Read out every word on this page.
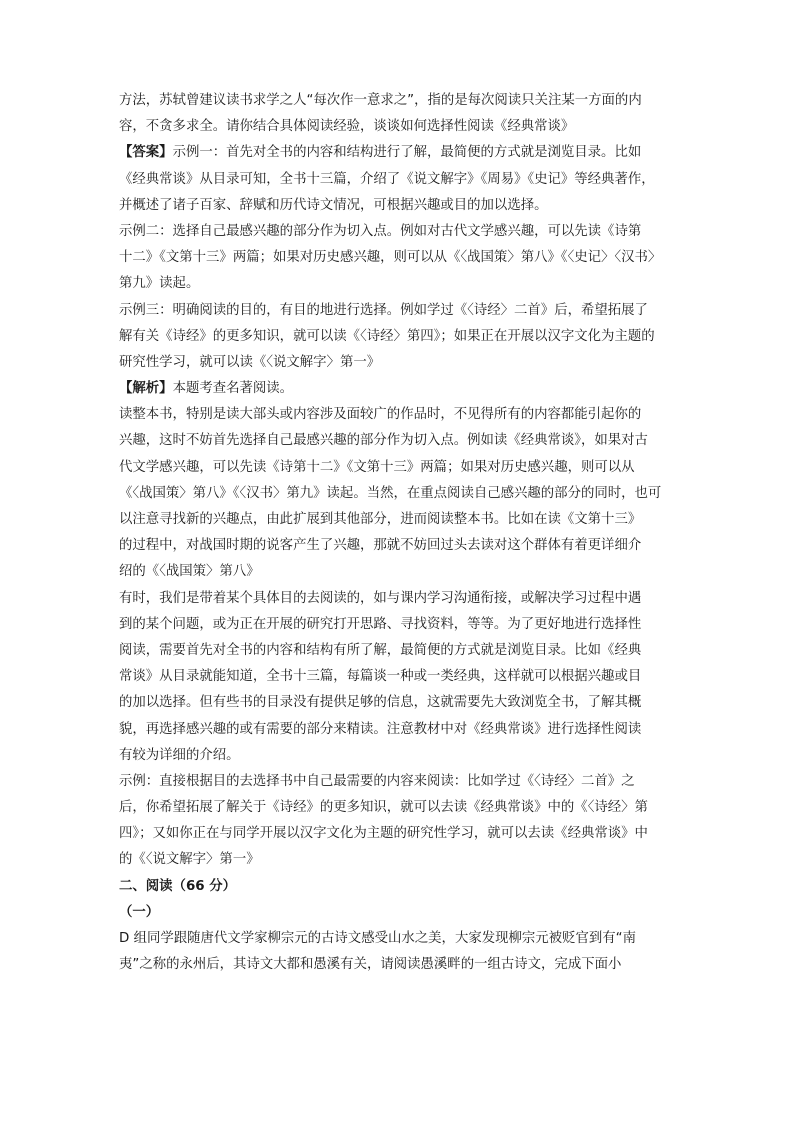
方法，苏轼曾建议读书求学之人“每次作一意求之”，指的是每次阅读只关注某一方面的内
容，不贪多求全。请你结合具体阅读经验，谈谈如何选择性阅读《经典常谈》
【答案】示例一：首先对全书的内容和结构进行了解，最简便的方式就是浏览目录。比如
《经典常谈》从目录可知，全书十三篇，介绍了《说文解字》《周易》《史记》等经典著作，
并概述了诸子百家、辞赋和历代诗文情况，可根据兴趣或目的加以选择。
示例二：选择自己最感兴趣的部分作为切入点。例如对古代文学感兴趣，可以先读《诗第
十二》《文第十三》两篇；如果对历史感兴趣，则可以从《〈战国策〉第八》《〈史记〉〈汉书〉
第九》读起。
示例三：明确阅读的目的，有目的地进行选择。例如学过《〈诗经〉二首》后，希望拓展了
解有关《诗经》的更多知识，就可以读《〈诗经〉第四》；如果正在开展以汉字文化为主题的
研究性学习，就可以读《〈说文解字〉第一》
【解析】本题考查名著阅读。
读整本书，特别是读大部头或内容涉及面较广的作品时，不见得所有的内容都能引起你的
兴趣，这时不妨首先选择自己最感兴趣的部分作为切入点。例如读《经典常谈》，如果对古
代文学感兴趣，可以先读《诗第十二》《文第十三》两篇；如果对历史感兴趣，则可以从
《〈战国策〉第八》《〈汉书〉第九》读起。当然，在重点阅读自己感兴趣的部分的同时，也可
以注意寻找新的兴趣点，由此扩展到其他部分，进而阅读整本书。比如在读《文第十三》
的过程中，对战国时期的说客产生了兴趣，那就不妨回过头去读对这个群体有着更详细介
绍的《〈战国策〉第八》
有时，我们是带着某个具体目的去阅读的，如与课内学习沟通衔接，或解决学习过程中遇
到的某个问题，或为正在开展的研究打开思路、寻找资料，等等。为了更好地进行选择性
阅读，需要首先对全书的内容和结构有所了解，最简便的方式就是浏览目录。比如《经典
常谈》从目录就能知道，全书十三篇，每篇谈一种或一类经典，这样就可以根据兴趣或目
的加以选择。但有些书的目录没有提供足够的信息，这就需要先大致浏览全书，了解其概
貌，再选择感兴趣的或有需要的部分来精读。注意教材中对《经典常谈》进行选择性阅读
有较为详细的介绍。
示例：直接根据目的去选择书中自己最需要的内容来阅读：比如学过《〈诗经〉二首》之
后，你希望拓展了解关于《诗经》的更多知识，就可以去读《经典常谈》中的《〈诗经〉第
四》；又如你正在与同学开展以汉字文化为主题的研究性学习，就可以去读《经典常谈》中
的《〈说文解字〉第一》
二、阅读（66 分）
（一）
D 组同学跟随唐代文学家柳宗元的古诗文感受山水之美，大家发现柳宗元被贬官到有“南
夷”之称的永州后，其诗文大都和愚溪有关，请阅读愚溪畔的一组古诗文，完成下面小
